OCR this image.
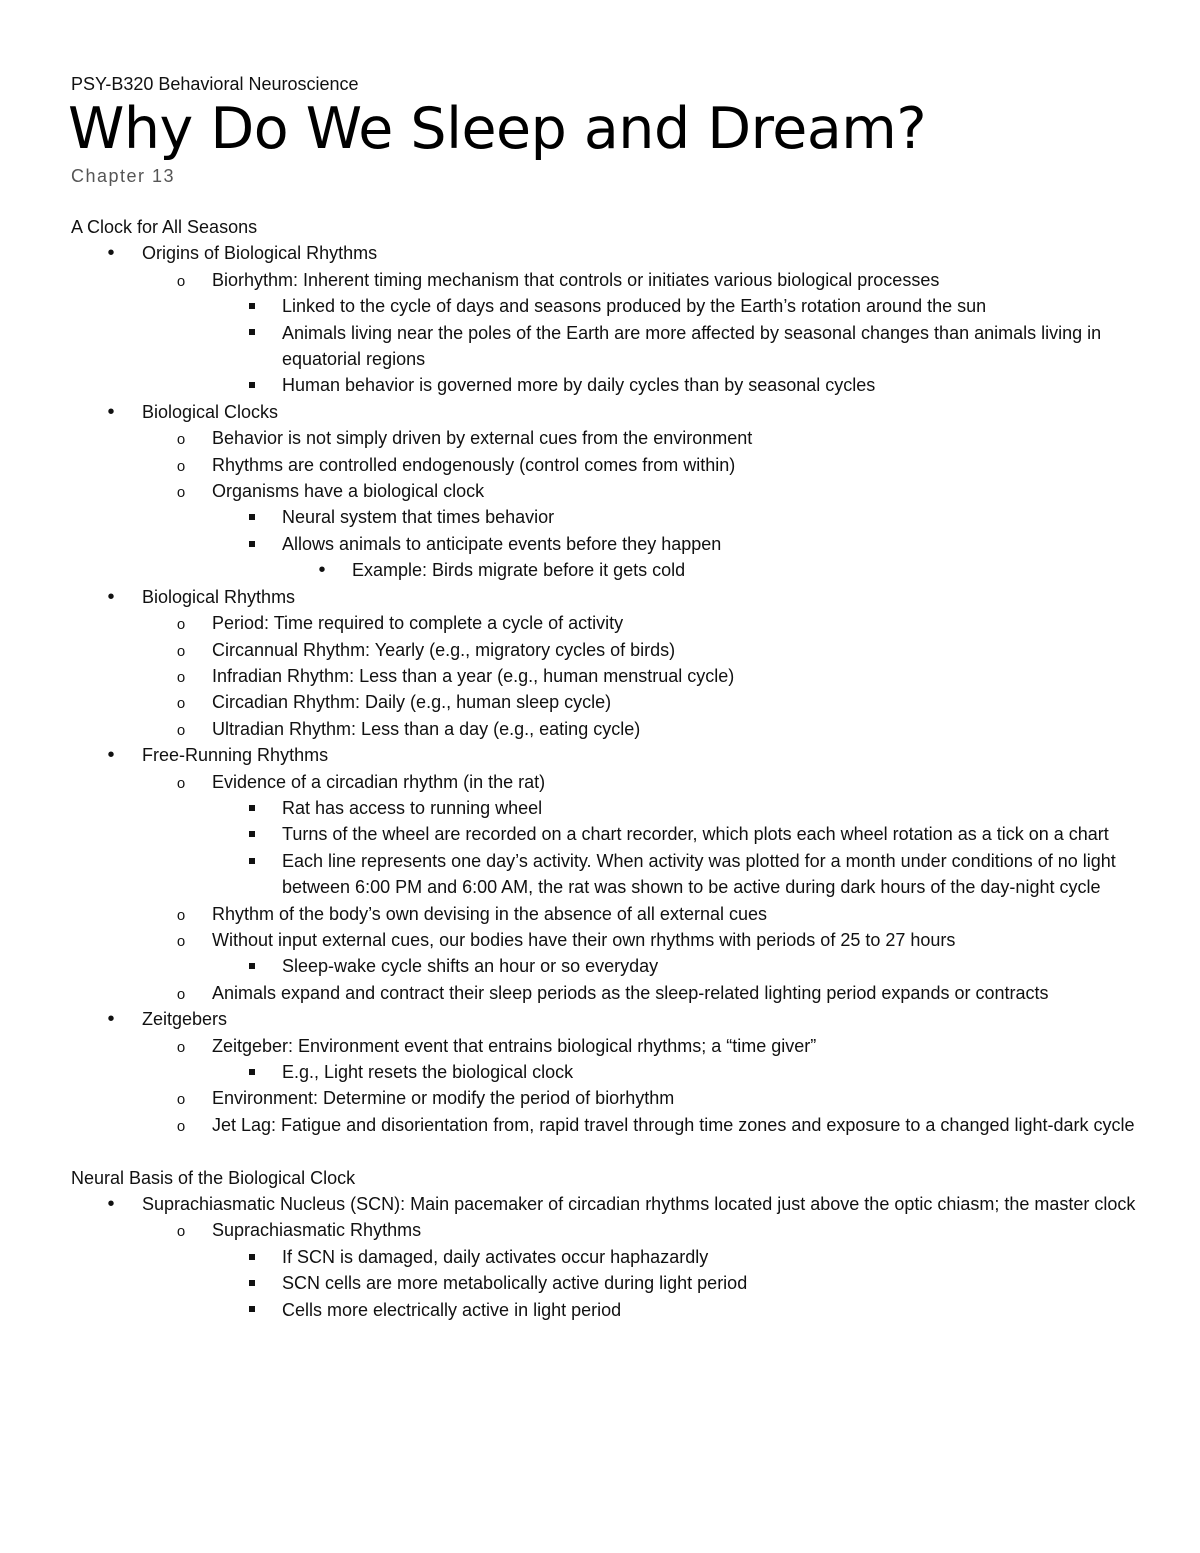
PSY-B320 Behavioral Neuroscience
Why Do We Sleep and Dream?
Chapter 13
A Clock for All Seasons
•
Origins of Biological Rhythms
o
Biorhythm: Inherent timing mechanism that controls or initiates various biological processes
Linked to the cycle of days and seasons produced by the Earth’s rotation around the sun
Animals living near the poles of the Earth are more affected by seasonal changes than animals living in equatorial regions
Human behavior is governed more by daily cycles than by seasonal cycles
•
Biological Clocks
o
Behavior is not simply driven by external cues from the environment
o
Rhythms are controlled endogenously (control comes from within)
o
Organisms have a biological clock
Neural system that times behavior
Allows animals to anticipate events before they happen
•
Example: Birds migrate before it gets cold
•
Biological Rhythms
o
Period: Time required to complete a cycle of activity
o
Circannual Rhythm: Yearly (e.g., migratory cycles of birds)
o
Infradian Rhythm: Less than a year (e.g., human menstrual cycle)
o
Circadian Rhythm: Daily (e.g., human sleep cycle)
o
Ultradian Rhythm: Less than a day (e.g., eating cycle)
•
Free-Running Rhythms
o
Evidence of a circadian rhythm (in the rat)
Rat has access to running wheel
Turns of the wheel are recorded on a chart recorder, which plots each wheel rotation as a tick on a chart
Each line represents one day’s activity. When activity was plotted for a month under conditions of no light between 6:00 PM and 6:00 AM, the rat was shown to be active during dark hours of the day-night cycle
o
Rhythm of the body’s own devising in the absence of all external cues
o
Without input external cues, our bodies have their own rhythms with periods of 25 to 27 hours
Sleep-wake cycle shifts an hour or so everyday
o
Animals expand and contract their sleep periods as the sleep-related lighting period expands or contracts
•
Zeitgebers
o
Zeitgeber: Environment event that entrains biological rhythms; a “time giver”
E.g., Light resets the biological clock
o
Environment: Determine or modify the period of biorhythm
o
Jet Lag: Fatigue and disorientation from, rapid travel through time zones and exposure to a changed light-dark cycle
Neural Basis of the Biological Clock
•
Suprachiasmatic Nucleus (SCN): Main pacemaker of circadian rhythms located just above the optic chiasm; the master clock
o
Suprachiasmatic Rhythms
If SCN is damaged, daily activates occur haphazardly
SCN cells are more metabolically active during light period
Cells more electrically active in light period
